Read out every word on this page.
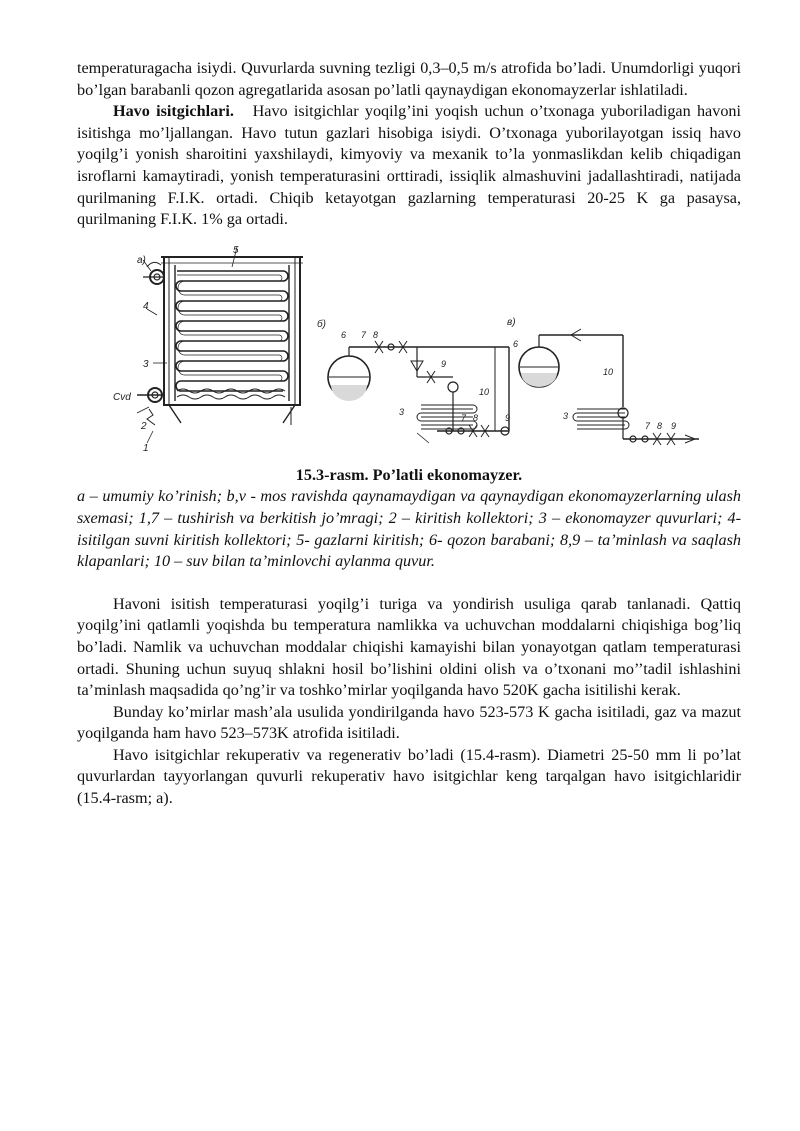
temperaturagacha isiydi. Quvurlarda suvning tezligi 0,3–0,5 m/s atrofida bo’ladi. Unumdorligi yuqori bo’lgan barabanli qozon agregatlarida asosan po’latli qaynaydigan ekonomayzerlar ishlatiladi.

Havo isitgichlari. Havo isitgichlar yoqilg’ini yoqish uchun o’txonaga yuboriladigan havoni isitishga mo’ljallangan. Havo tutun gazlari hisobiga isiydi. O’txonaga yuborilayotgan issiq havo yoqilg’i yonish sharoitini yaxshilaydi, kimyoviy va mexanik to’la yonmaslikdan kelib chiqadigan isroflarni kamaytiradi, yonish temperaturasini orttiradi, issiqlik almashuvini jadallashtiradi, natijada qurilmaning F.I.K. ortadi. Chiqib ketayotgan gazlarning temperaturasi 20-25 K ga pasaysa, qurilmaning F.I.K. 1% ga ortadi.

a)
5
4
3
Сvd
2
1
б)
6 7 8
9
10
3
7 8	9
в)
6
10
3
7 8 9

15.3-rasm. Po’latli ekonomayzer.

a – umumiy ko’rinish; b,v - mos ravishda qaynamaydigan va qaynaydigan ekonomayzerlarning ulash sxemasi; 1,7 – tushirish va berkitish jo’mragi; 2 – kiritish kollektori; 3 – ekonomayzer quvurlari; 4- isitilgan suvni kiritish kollektori; 5- gazlarni kiritish; 6- qozon barabani; 8,9 – ta’minlash va saqlash klapanlari; 10 – suv bilan ta’minlovchi aylanma quvur.

Havoni isitish temperaturasi yoqilg’i turiga va yondirish usuliga qarab tanlanadi. Qattiq yoqilg’ini qatlamli yoqishda bu temperatura namlikka va uchuvchan moddalarni chiqishiga bog’liq bo’ladi. Namlik va uchuvchan moddalar chiqishi kamayishi bilan yonayotgan qatlam temperaturasi ortadi. Shuning uchun suyuq shlakni hosil bo’lishini oldini olish va o’txonani mo’’tadil ishlashini ta’minlash maqsadida qo’ng’ir va toshko’mirlar yoqilganda havo 520K gacha isitilishi kerak.

Bunday ko’mirlar mash’ala usulida yondirilganda havo 523-573 K gacha isitiladi, gaz va mazut yoqilganda ham havo 523–573K atrofida isitiladi.

Havo isitgichlar rekuperativ va regenerativ bo’ladi (15.4-rasm). Diametri 25-50 mm li po’lat quvurlardan tayyorlangan quvurli rekuperativ havo isitgichlar keng tarqalgan havo isitgichlaridir (15.4-rasm; a).
